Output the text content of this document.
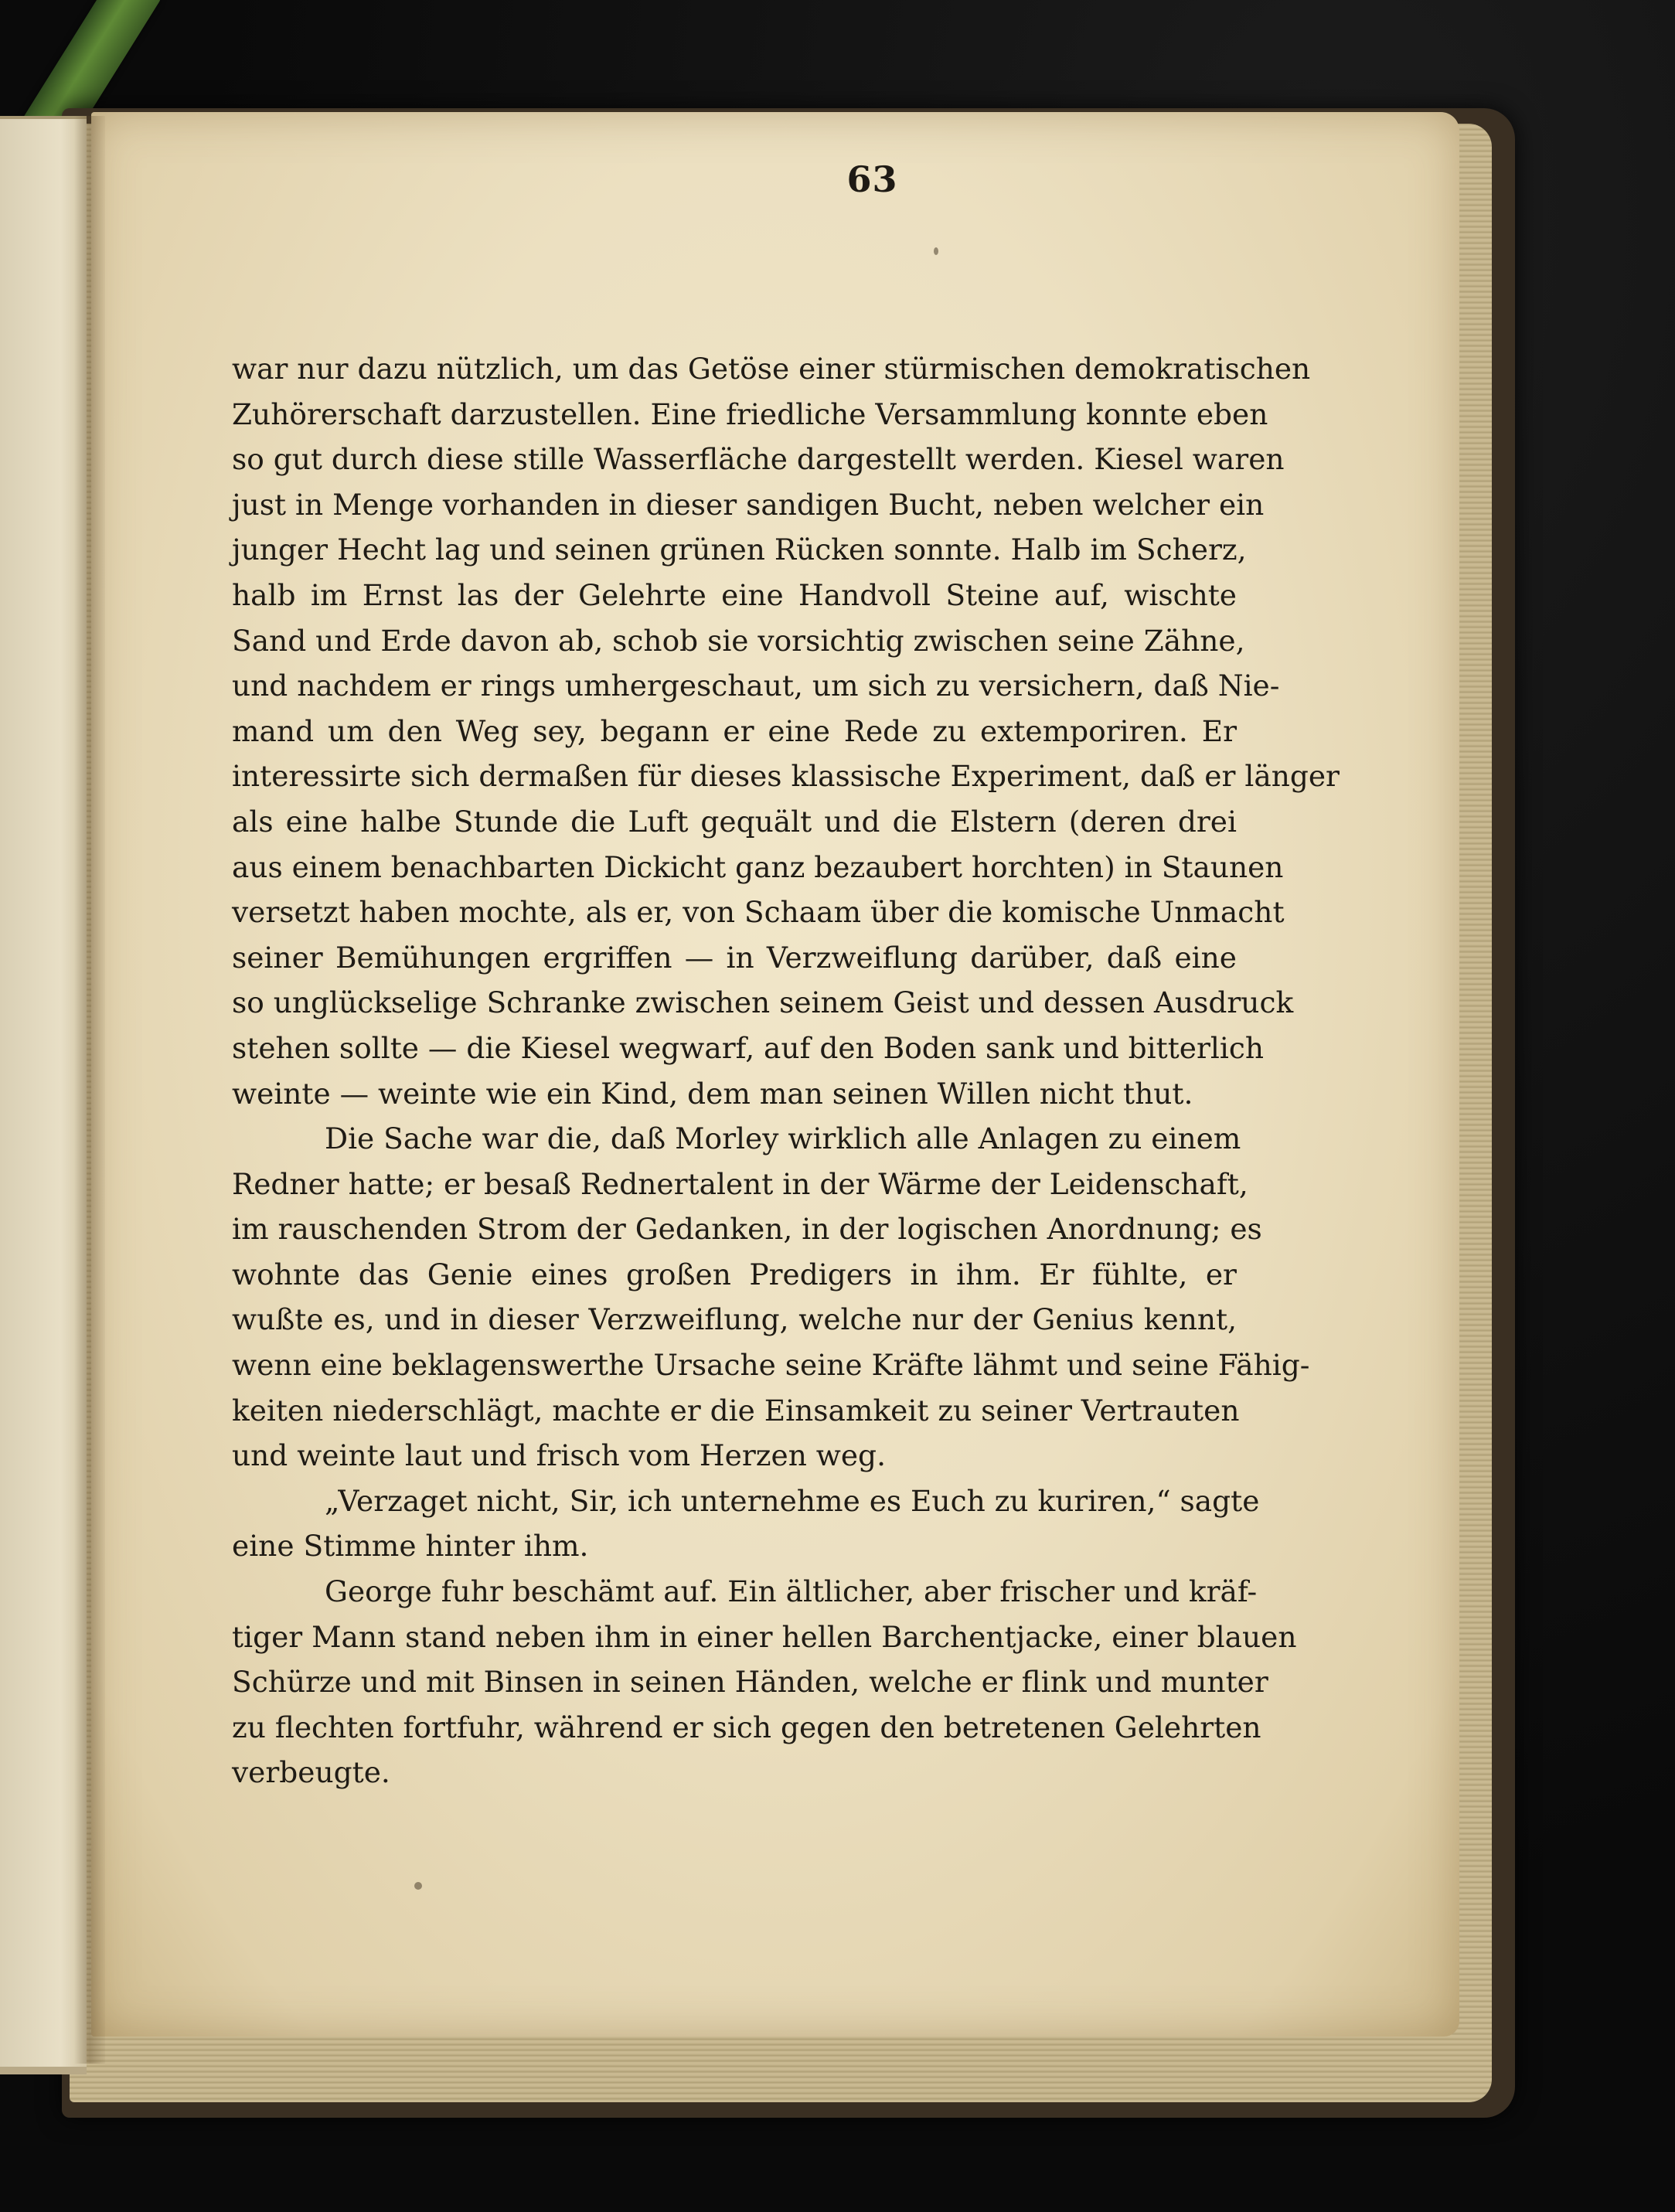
63
war nur dazu nützlich, um das Getöse einer stürmischen demokratischen
Zuhörerschaft darzustellen. Eine friedliche Versammlung konnte eben
so gut durch diese stille Wasserfläche dargestellt werden. Kiesel waren
just in Menge vorhanden in dieser sandigen Bucht, neben welcher ein
junger Hecht lag und seinen grünen Rücken sonnte. Halb im Scherz,
halb im Ernst las der Gelehrte eine Handvoll Steine auf, wischte
Sand und Erde davon ab, schob sie vorsichtig zwischen seine Zähne,
und nachdem er rings umhergeschaut, um sich zu versichern, daß Nie-
mand um den Weg sey, begann er eine Rede zu extemporiren. Er
interessirte sich dermaßen für dieses klassische Experiment, daß er länger
als eine halbe Stunde die Luft gequält und die Elstern (deren drei
aus einem benachbarten Dickicht ganz bezaubert horchten) in Staunen
versetzt haben mochte, als er, von Schaam über die komische Unmacht
seiner Bemühungen ergriffen — in Verzweiflung darüber, daß eine
so unglückselige Schranke zwischen seinem Geist und dessen Ausdruck
stehen sollte — die Kiesel wegwarf, auf den Boden sank und bitterlich
weinte — weinte wie ein Kind, dem man seinen Willen nicht thut.
Die Sache war die, daß Morley wirklich alle Anlagen zu einem
Redner hatte; er besaß Rednertalent in der Wärme der Leidenschaft,
im rauschenden Strom der Gedanken, in der logischen Anordnung; es
wohnte das Genie eines großen Predigers in ihm. Er fühlte, er
wußte es, und in dieser Verzweiflung, welche nur der Genius kennt,
wenn eine beklagenswerthe Ursache seine Kräfte lähmt und seine Fähig-
keiten niederschlägt, machte er die Einsamkeit zu seiner Vertrauten
und weinte laut und frisch vom Herzen weg.
„Verzaget nicht, Sir, ich unternehme es Euch zu kuriren,“ sagte
eine Stimme hinter ihm.
George fuhr beschämt auf. Ein ältlicher, aber frischer und kräf-
tiger Mann stand neben ihm in einer hellen Barchentjacke, einer blauen
Schürze und mit Binsen in seinen Händen, welche er flink und munter
zu flechten fortfuhr, während er sich gegen den betretenen Gelehrten
verbeugte.
